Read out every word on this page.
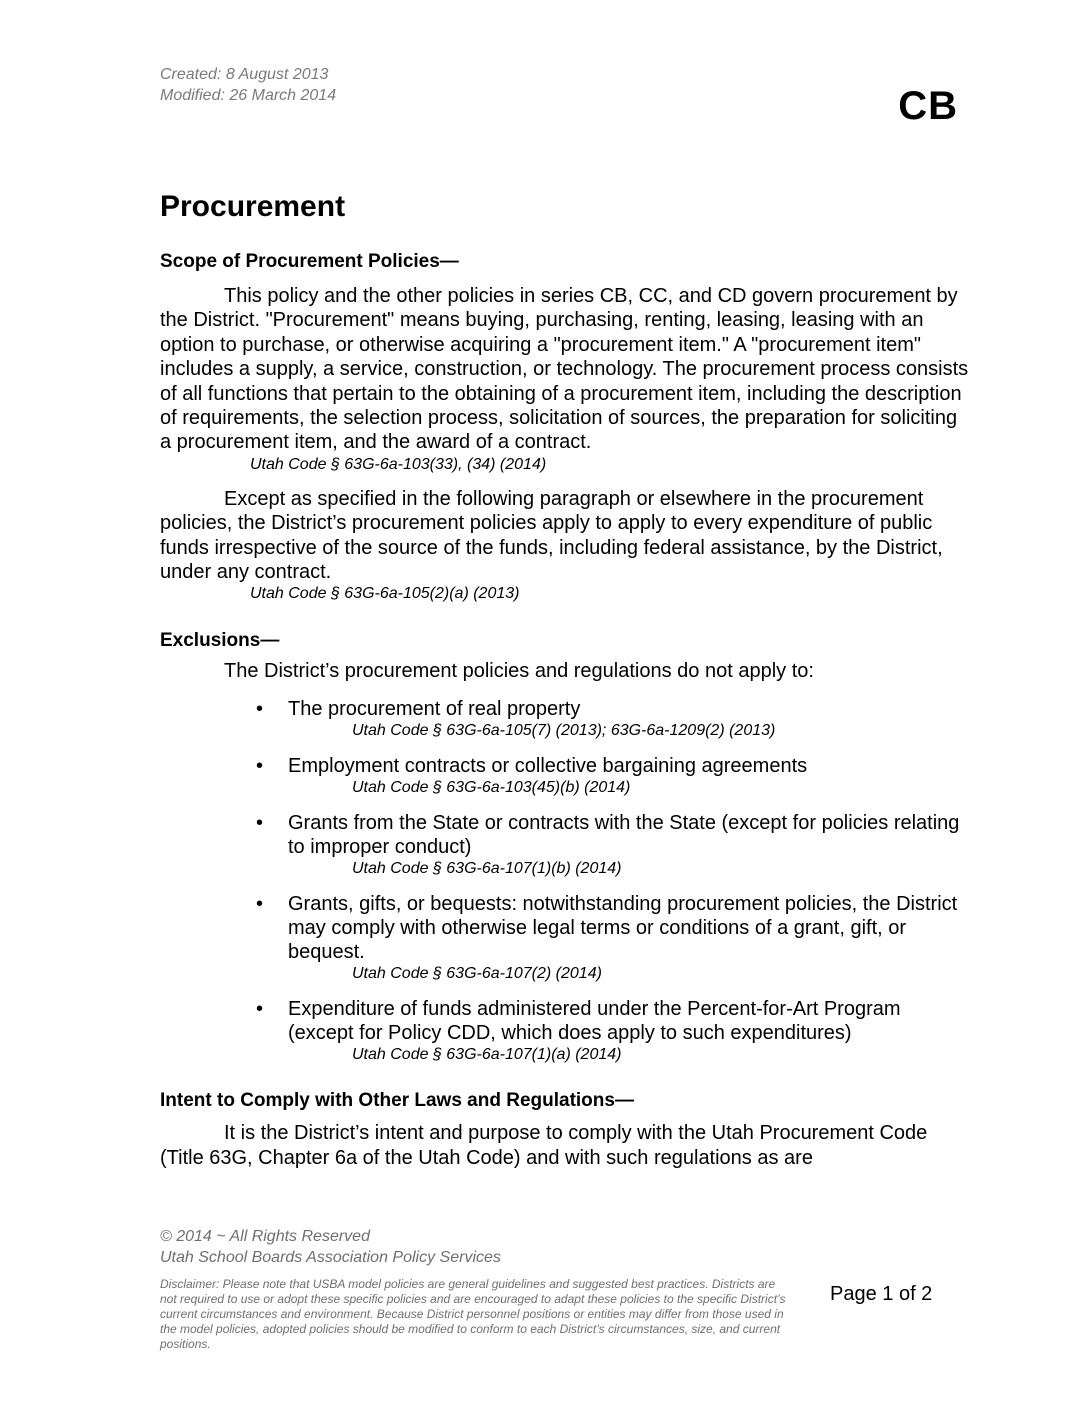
Created: 8 August 2013
Modified: 26 March 2014	CB
Procurement
Scope of Procurement Policies—

This policy and the other policies in series CB, CC, and CD govern procurement by the District. "Procurement" means buying, purchasing, renting, leasing, leasing with an option to purchase, or otherwise acquiring a "procurement item." A "procurement item" includes a supply, a service, construction, or technology. The procurement process consists of all functions that pertain to the obtaining of a procurement item, including the description of requirements, the selection process, solicitation of sources, the preparation for soliciting a procurement item, and the award of a contract.

Utah Code § 63G-6a-103(33), (34) (2014)

Except as specified in the following paragraph or elsewhere in the procurement policies, the District’s procurement policies apply to apply to every expenditure of public funds irrespective of the source of the funds, including federal assistance, by the District, under any contract.

Utah Code § 63G-6a-105(2)(a) (2013)

Exclusions—

The District’s procurement policies and regulations do not apply to:

• The procurement of real property
Utah Code § 63G-6a-105(7) (2013); 63G-6a-1209(2) (2013)
• Employment contracts or collective bargaining agreements
Utah Code § 63G-6a-103(45)(b) (2014)
• Grants from the State or contracts with the State (except for policies relating to improper conduct)
Utah Code § 63G-6a-107(1)(b) (2014)
• Grants, gifts, or bequests: notwithstanding procurement policies, the District may comply with otherwise legal terms or conditions of a grant, gift, or bequest.
Utah Code § 63G-6a-107(2) (2014)
• Expenditure of funds administered under the Percent-for-Art Program (except for Policy CDD, which does apply to such expenditures)
Utah Code § 63G-6a-107(1)(a) (2014)
Intent to Comply with Other Laws and Regulations—

It is the District’s intent and purpose to comply with the Utah Procurement Code (Title 63G, Chapter 6a of the Utah Code) and with such regulations as are

© 2014 ~ All Rights Reserved
Utah School Boards Association Policy Services
Disclaimer: Please note that USBA model policies are general guidelines and suggested best practices. Districts are not required to use or adopt these specific policies and are encouraged to adapt these policies to the specific District’s current circumstances and environment. Because District personnel positions or entities may differ from those used in the model policies, adopted policies should be modified to conform to each District’s circumstances, size, and current positions.
Page 1 of 2
